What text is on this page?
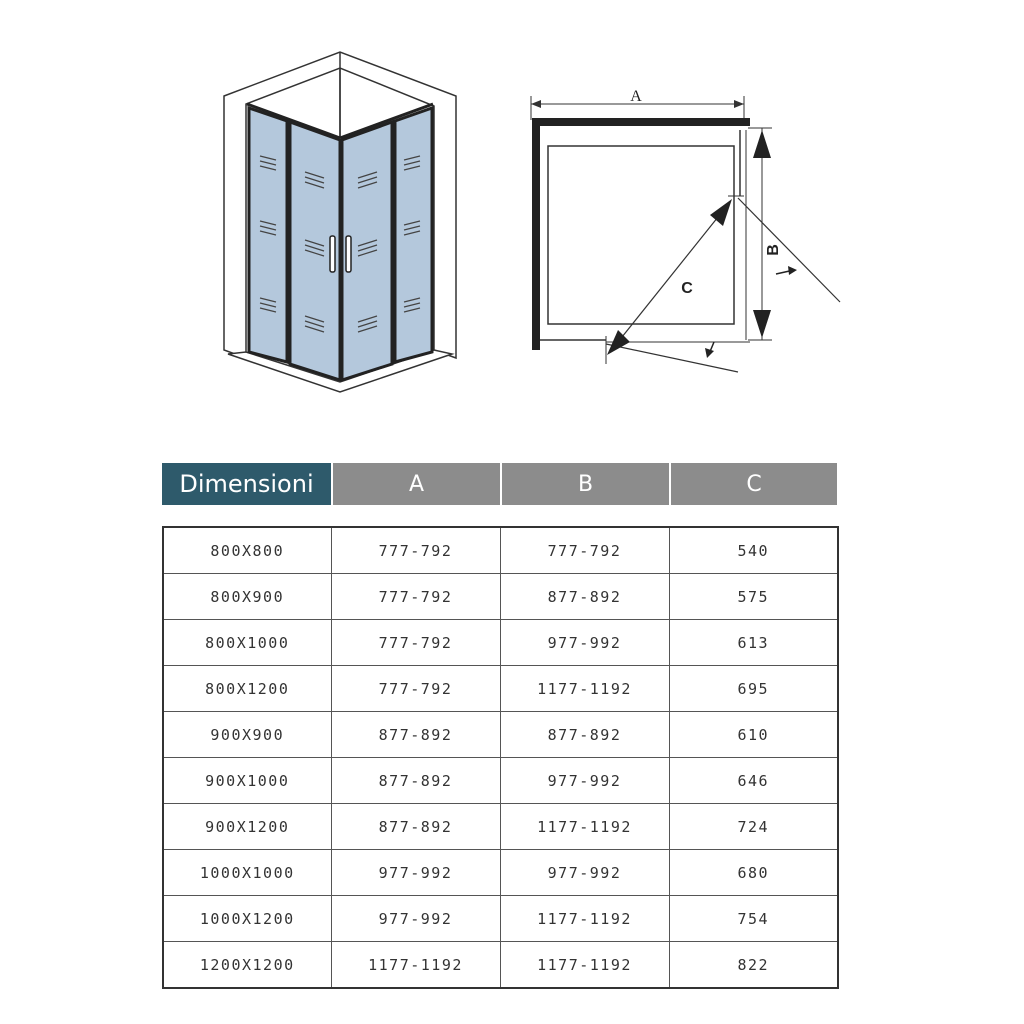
A
B
C
Dimensioni	A	B	C
800X800	777-792	777-792	540
800X900	777-792	877-892	575
800X1000	777-792	977-992	613
800X1200	777-792	1177-1192	695
900X900	877-892	877-892	610
900X1000	877-892	977-992	646
900X1200	877-892	1177-1192	724
1000X1000	977-992	977-992	680
1000X1200	977-992	1177-1192	754
1200X1200	1177-1192	1177-1192	822
